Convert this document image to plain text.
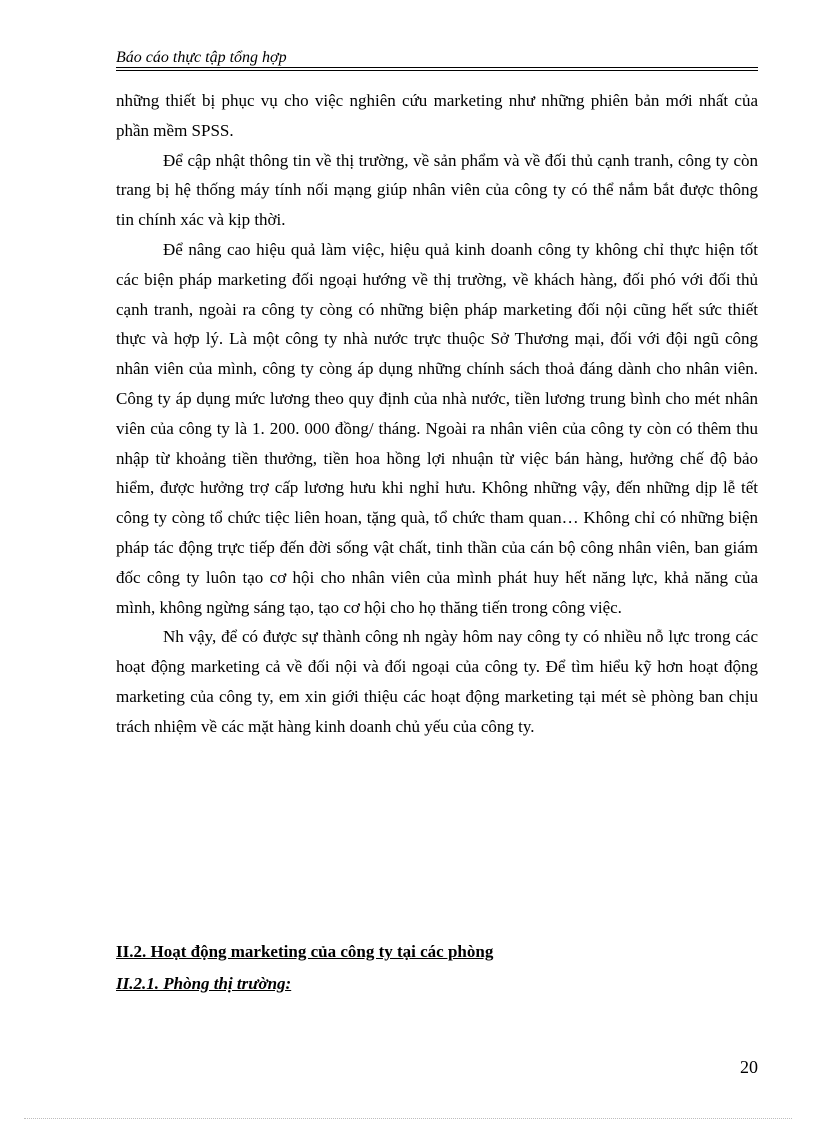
Báo cáo thực tập tổng hợp

những thiết bị phục vụ cho việc nghiên cứu marketing như những phiên bản mới nhất của phần mềm SPSS.

Để cập nhật thông tin về thị trường, về sản phẩm và về đối thủ cạnh tranh, công ty còn trang bị hệ thống máy tính nối mạng giúp nhân viên của công ty có thể nắm bắt được thông tin chính xác và kịp thời.

Để nâng cao hiệu quả làm việc, hiệu quả kinh doanh công ty không chỉ thực hiện tốt các biện pháp marketing đối ngoại hướng về thị trường, về khách hàng, đối phó với đối thủ cạnh tranh, ngoài ra công ty còng có những biện pháp marketing đối nội cũng hết sức thiết thực và hợp lý. Là một công ty nhà nước trực thuộc Sở Thương mại, đối với đội ngũ công nhân viên của mình, công ty còng áp dụng những chính sách thoả đáng dành cho nhân viên. Công ty áp dụng mức lương theo quy định của nhà nước, tiền lương trung bình cho mét nhân viên của công ty là 1. 200. 000 đồng/ tháng. Ngoài ra nhân viên của công ty còn có thêm thu nhập từ khoảng tiền thưởng, tiền hoa hồng lợi nhuận từ việc bán hàng, hưởng chế độ bảo hiểm, được hưởng trợ cấp lương hưu khi nghỉ hưu. Không những vậy, đến những dịp lễ tết công ty còng tổ chức tiệc liên hoan, tặng quà, tổ chức tham quan… Không chỉ có những biện pháp tác động trực tiếp đến đời sống vật chất, tinh thần của cán bộ công nhân viên, ban giám đốc công ty luôn tạo cơ hội cho nhân viên của mình phát huy hết năng lực, khả năng của mình, không ngừng sáng tạo, tạo cơ hội cho họ thăng tiến trong công việc.

Nh vậy, để có được sự thành công nh ngày hôm nay công ty có nhiều nỗ lực trong các hoạt động marketing cả về đối nội và đối ngoại của công ty. Để tìm hiểu kỹ hơn hoạt động marketing của công ty, em xin giới thiệu các hoạt động marketing tại mét sè phòng ban chịu trách nhiệm về các mặt hàng kinh doanh chủ yếu của công ty.

II.2. Hoạt động marketing của công ty tại các phòng
II.2.1. Phòng thị trường:
20
